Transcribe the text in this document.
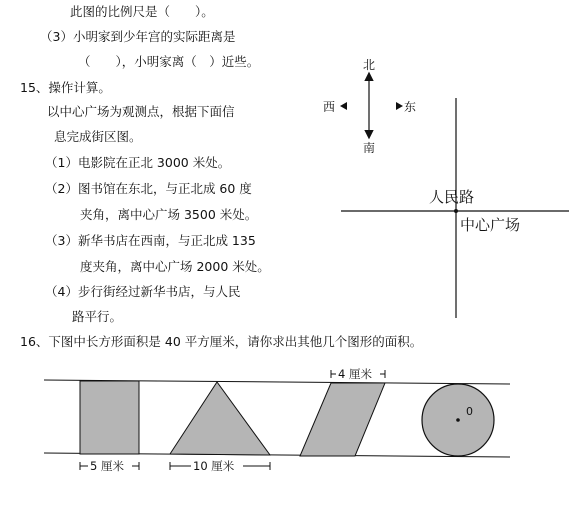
此图的比例尺是（　　）。
（3）小明家到少年宫的实际距离是
（　　），小明家离（　）近些。
15、操作计算。
以中心广场为观测点，根据下面信
息完成街区图。
（1）电影院在正北 3000 米处。
（2）图书馆在东北，与正北成 60 度
夹角，离中心广场 3500 米处。
（3）新华书店在西南，与正北成 135
度夹角，离中心广场 2000 米处。
（4）步行街经过新华书店，与人民
路平行。
16、下图中长方形面积是 40 平方厘米，请你求出其他几个图形的面积。
北
南
西	东
人民路
中心广场
0
5 厘米	10 厘米
4 厘米
